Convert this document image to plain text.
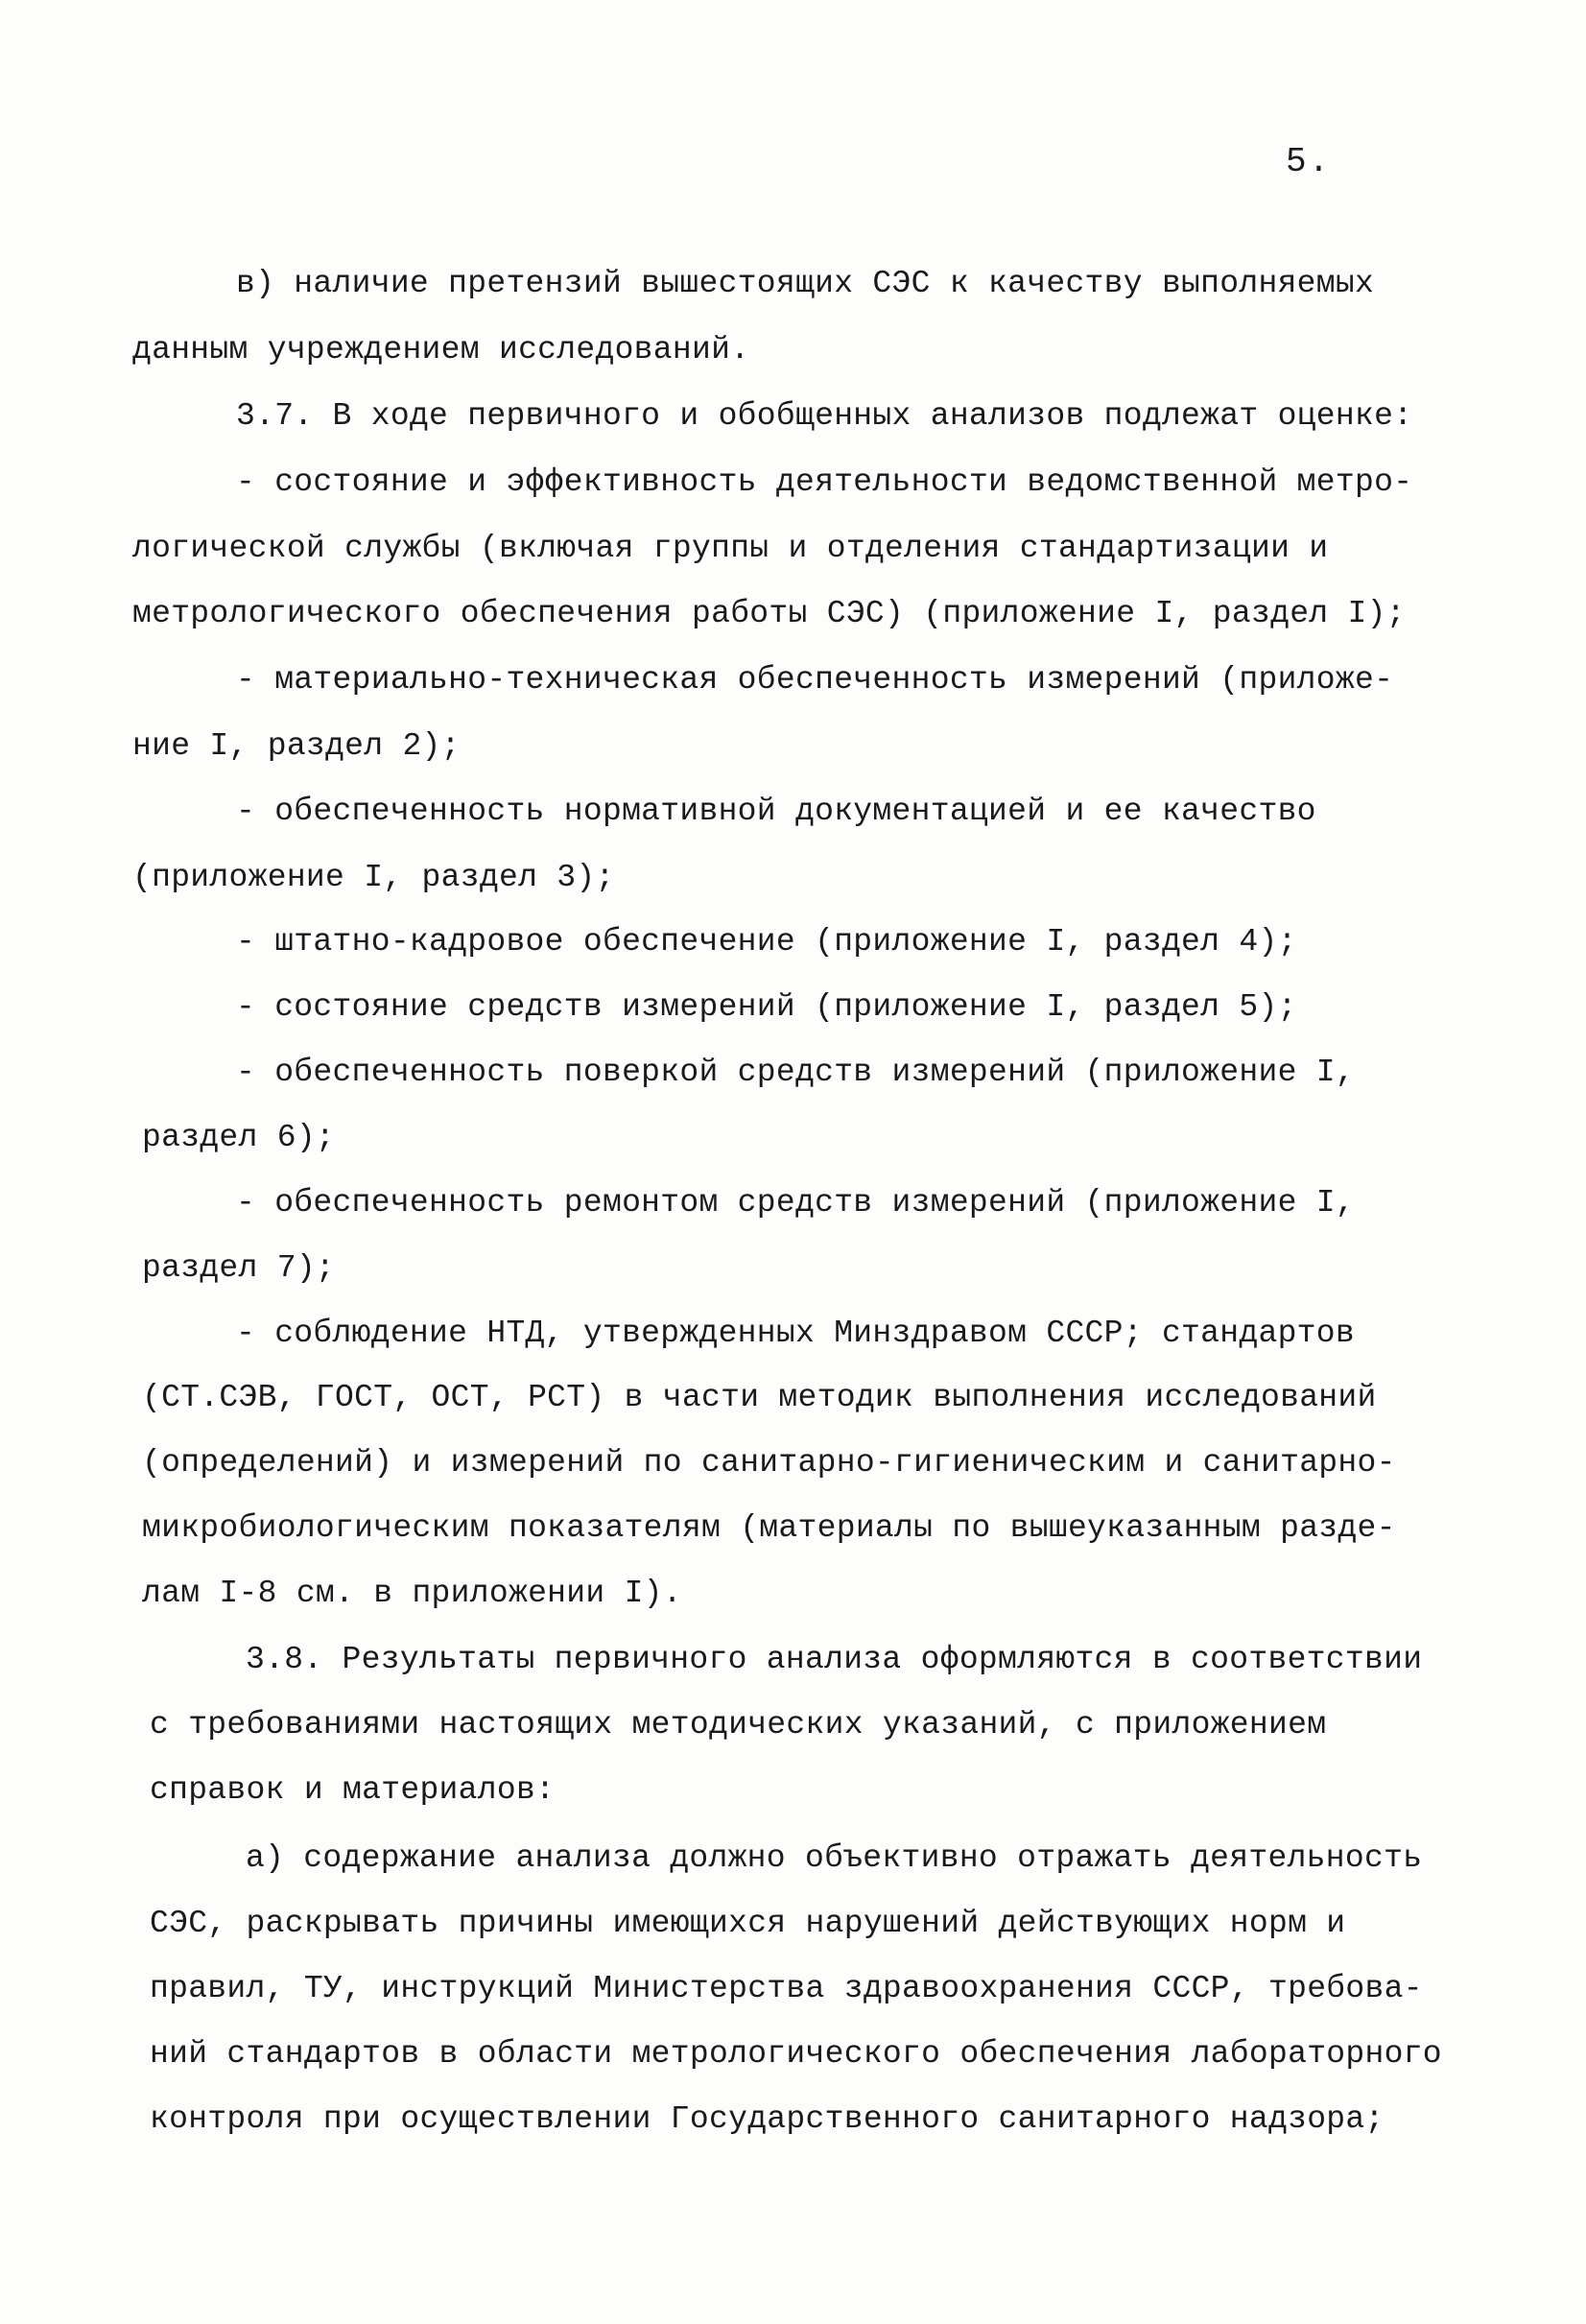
5.
в) наличие претензий вышестоящих СЭС к качеству выполняемых
данным учреждением исследований.
3.7. В ходе первичного и обобщенных анализов подлежат оценке:
- состояние и эффективность деятельности ведомственной метро-
логической службы (включая группы и отделения стандартизации и
метрологического обеспечения работы СЭС) (приложение I, раздел I);
- материально-техническая обеспеченность измерений (приложе-
ние I, раздел 2);
- обеспеченность нормативной документацией и ее качество
(приложение I, раздел 3);
- штатно-кадровое обеспечение (приложение I, раздел 4);
- состояние средств измерений (приложение I, раздел 5);
- обеспеченность поверкой средств измерений (приложение I,
раздел 6);
- обеспеченность ремонтом средств измерений (приложение I,
раздел 7);
- соблюдение НТД, утвержденных Минздравом СССР; стандартов
(СТ.СЭВ, ГОСТ, ОСТ, РСТ) в части методик выполнения исследований
(определений) и измерений по санитарно-гигиеническим и санитарно-
микробиологическим показателям (материалы по вышеуказанным разде-
лам I-8 см. в приложении I).
3.8. Результаты первичного анализа оформляются в соответствии
с требованиями настоящих методических указаний, с приложением
справок и материалов:
а) содержание анализа должно объективно отражать деятельность
СЭС, раскрывать причины имеющихся нарушений действующих норм и
правил, ТУ, инструкций Министерства здравоохранения СССР, требова-
ний стандартов в области метрологического обеспечения лабораторного
контроля при осуществлении Государственного санитарного надзора;
